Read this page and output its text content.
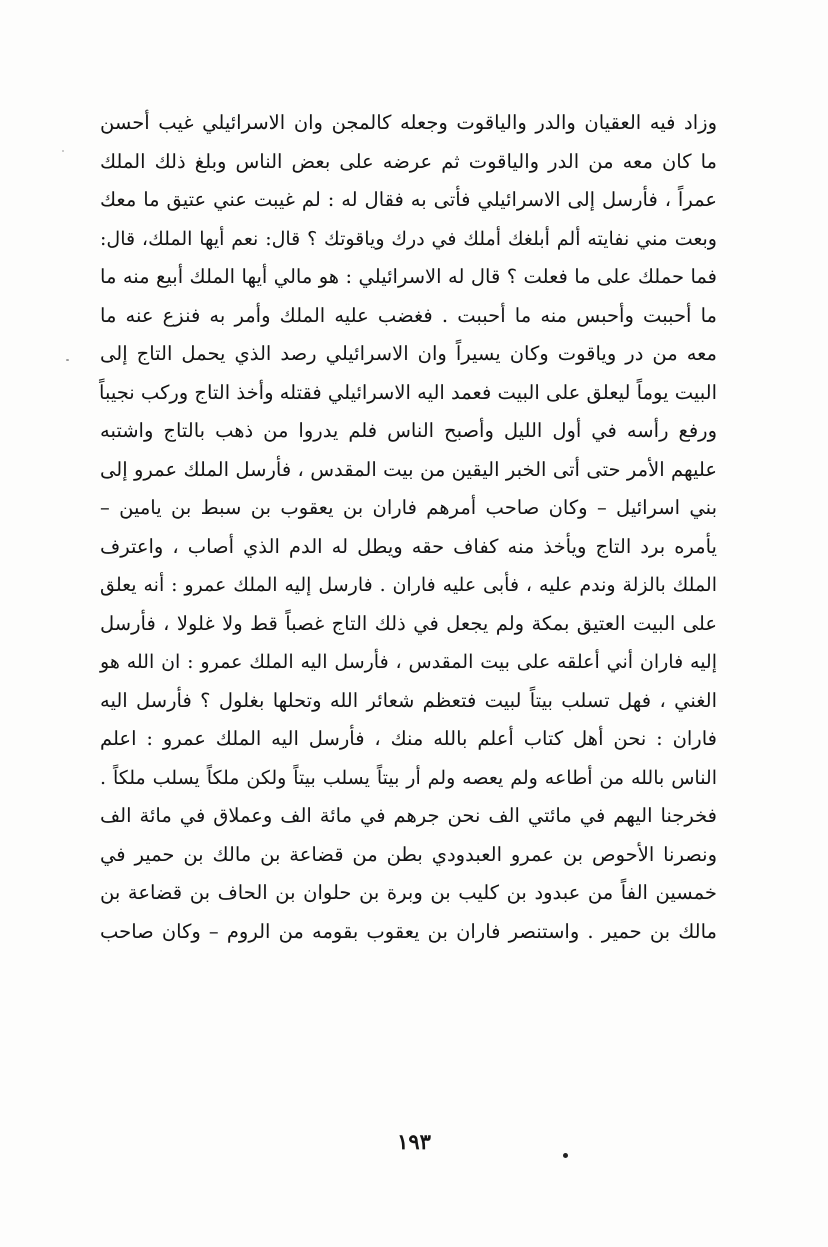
وزاد فيه العقيان والدر والياقوت وجعله كالمجن وان الاسرائيلي غيب أحسن
ما كان معه من الدر والياقوت ثم عرضه على بعض الناس وبلغ ذلك الملك
عمراً ، فأرسل إلى الاسرائيلي فأتى به فقال له : لم غيبت عني عتيق ما معك
وبعت مني نفايته ألم أبلغك أملك في درك وياقوتك ؟ قال: نعم أيها الملك، قال:
فما حملك على ما فعلت ؟ قال له الاسرائيلي : هو مالي أيها الملك أبيع منه ما
ما أحببت وأحبس منه ما أحببت . فغضب عليه الملك وأمر به فنزع عنه ما
معه من در وياقوت وكان يسيراً وان الاسرائيلي رصد الذي يحمل التاج إلى
البيت يوماً ليعلق على البيت فعمد اليه الاسرائيلي فقتله وأخذ التاج وركب نجيباً
ورفع رأسه في أول الليل وأصبح الناس فلم يدروا من ذهب بالتاج واشتبه
عليهم الأمر حتى أتى الخبر اليقين من بيت المقدس ، فأرسل الملك عمرو إلى
بني اسرائيل – وكان صاحب أمرهم فاران بن يعقوب بن سبط بن يامين –
يأمره برد التاج ويأخذ منه كفاف حقه ويطل له الدم الذي أصاب ، واعترف
الملك بالزلة وندم عليه ، فأبى عليه فاران . فارسل إليه الملك عمرو : أنه يعلق
على البيت العتيق بمكة ولم يجعل في ذلك التاج غصباً قط ولا غلولا ، فأرسل
إليه فاران أني أعلقه على بيت المقدس ، فأرسل اليه الملك عمرو : ان الله هو
الغني ، فهل تسلب بيتاً لبيت فتعظم شعائر الله وتحلها بغلول ؟ فأرسل اليه
فاران : نحن أهل كتاب أعلم بالله منك ، فأرسل اليه الملك عمرو : اعلم
الناس بالله من أطاعه ولم يعصه ولم أر بيتاً يسلب بيتاً ولكن ملكاً يسلب ملكاً .
فخرجنا اليهم في مائتي الف نحن جرهم في مائة الف وعملاق في مائة الف
ونصرنا الأحوص بن عمرو العبدودي بطن من قضاعة بن مالك بن حمير في
خمسين الفاً من عبدود بن كليب بن وبرة بن حلوان بن الحاف بن قضاعة بن
مالك بن حمير . واستنصر فاران بن يعقوب بقومه من الروم – وكان صاحب
١٩٣
